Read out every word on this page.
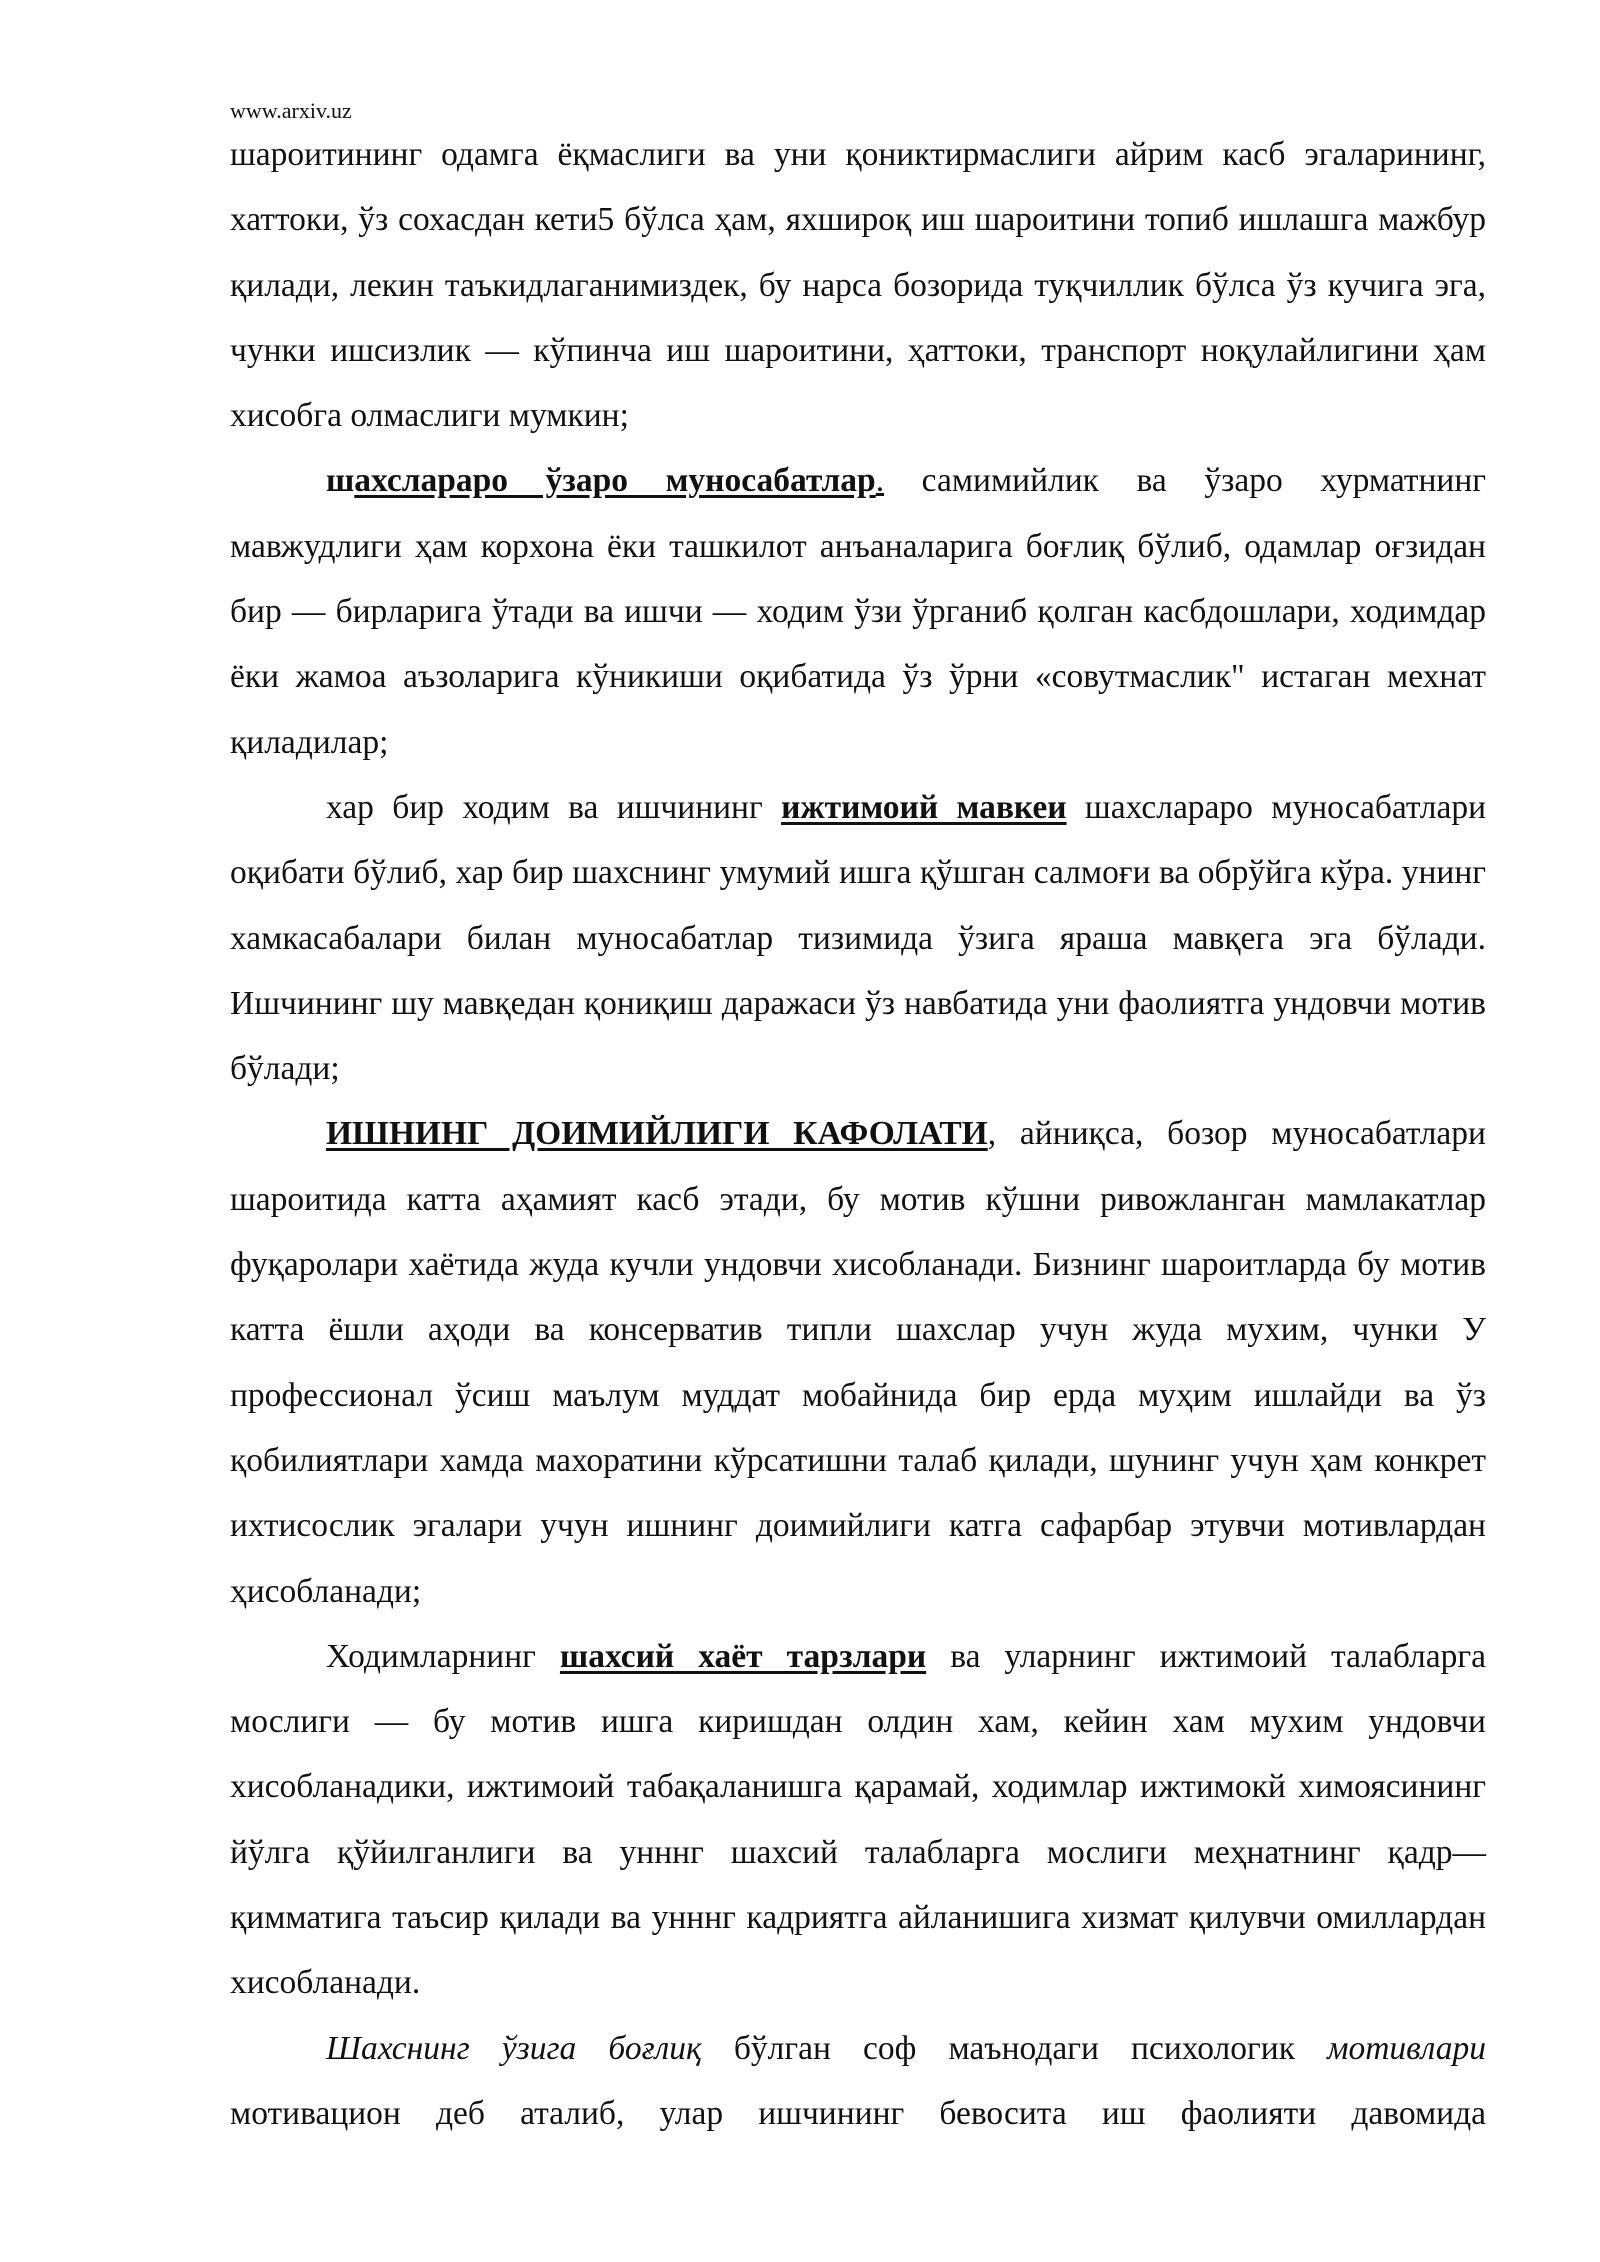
www.arxiv.uz

шароитининг одамга ёқмаслиги ва уни қониктирмаслиги айрим касб эгаларининг, хаттоки, ўз сохасдан кети5 бўлса ҳам, яхшироқ иш шароитини топиб ишлашга мажбур қилади, лекин таъкидлаганимиздек, бу нарса бозорида туқчиллик бўлса ўз кучига эга, чунки ишсизлик — кўпинча иш шароитини, ҳаттоки, транспорт ноқулайлигини ҳам хисобга олмаслиги мумкин;

шахслараро ўзаро муносабатлар. самимийлик ва ўзаро хурматнинг мавжудлиги ҳам корхона ёки ташкилот анъаналарига боғлиқ бўлиб, одамлар оғзидан бир — бирларига ўтади ва ишчи — ходим ўзи ўрганиб қолган касбдошлари, ходимдар ёки жамоа аъзоларига кўникиши оқибатида ўз ўрни «совутмаслик" истаган мехнат қиладилар;

хар бир ходим ва ишчининг ижтимоий мавкеи шахслараро муносабатлари оқибати бўлиб, хар бир шахснинг умумий ишга қўшган салмоғи ва обрўйга кўра. унинг хамкасабалари билан муносабатлар тизимида ўзига яраша мавқега эга бўлади. Ишчининг шу мавқедан қониқиш даражаси ўз навбатида уни фаолиятга ундовчи мотив бўлади;

ИШНИНГ ДОИМИЙЛИГИ КАФОЛАТИ, айниқса, бозор муносабатлари шароитида катта аҳамият касб этади, бу мотив кўшни ривожланган мамлакатлар фуқаролари хаётида жуда кучли ундовчи хисобланади. Бизнинг шароитларда бу мотив катта ёшли аҳоди ва консерватив типли шахслар учун жуда мухим, чунки У профессионал ўсиш маълум муддат мобайнида бир ерда муҳим ишлайди ва ўз қобилиятлари хамда махоратини кўрсатишни талаб қилади, шунинг учун ҳам конкрет ихтисослик эгалари учун ишнинг доимийлиги катга сафарбар этувчи мотивлардан ҳисобланади;

Ходимларнинг шахсий хаёт тарзлари ва уларнинг ижтимоий талабларга мослиги — бу мотив ишга киришдан олдин хам, кейин хам мухим ундовчи хисобланадики, ижтимоий табақаланишга қарамай, ходимлар ижтимокй химоясининг йўлга қўйилганлиги ва унннг шахсий талабларга мослиги меҳнатнинг қадр—қимматига таъсир қилади ва унннг кадриятга айланишига хизмат қилувчи омиллардан хисобланади.

Шахснинг ўзига боғлиқ бўлган соф маънодаги психологик мотивлари мотивацион деб аталиб, улар ишчининг бевосита иш фаолияти давомида
